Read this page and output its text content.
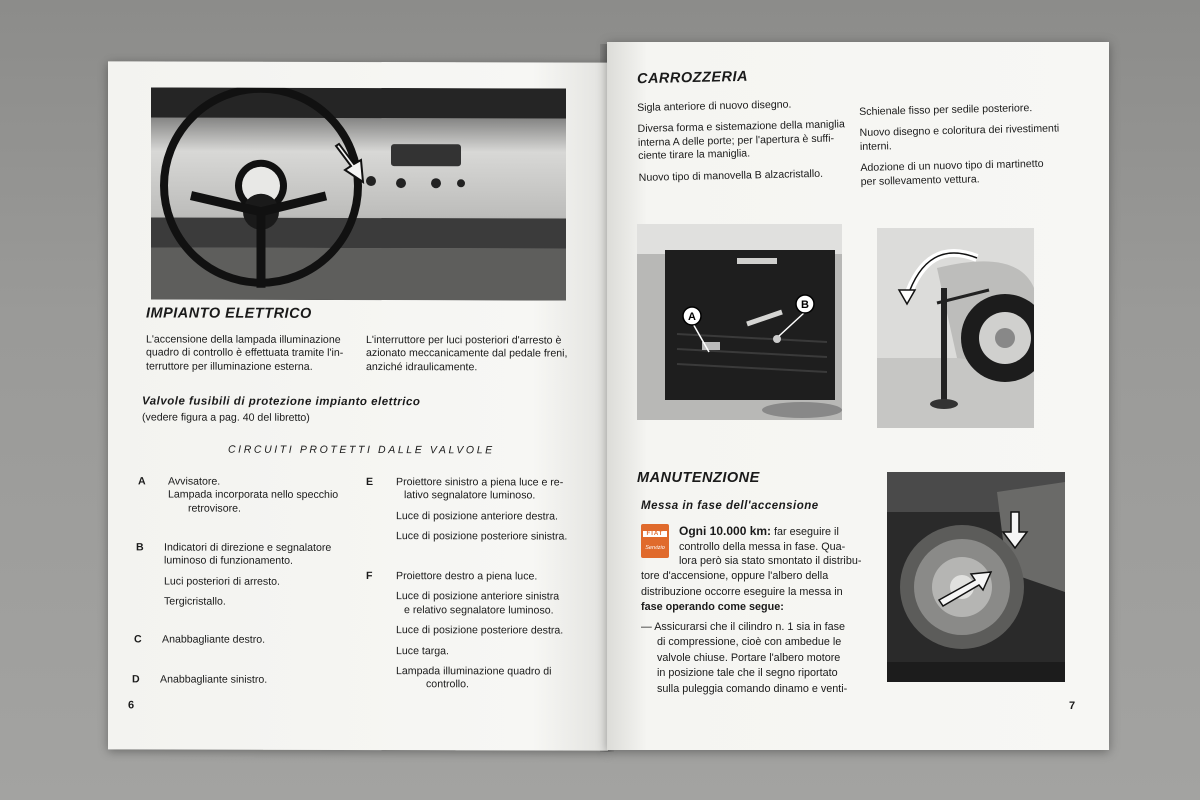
IMPIANTO ELETTRICO
L'accensione della lampada illuminazione
quadro di controllo è effettuata tramite l'in-
terruttore per illuminazione esterna.
L'interruttore per luci posteriori d'arresto è
azionato meccanicamente dal pedale freni,
anziché idraulicamente.
Valvole fusibili di protezione impianto elettrico
(vedere figura a pag. 40 del libretto)
CIRCUITI PROTETTI DALLE VALVOLE
A Avvisatore.
Lampada incorporata nello specchio
retrovisore.
B Indicatori di direzione e segnalatore
luminoso di funzionamento.
Luci posteriori di arresto.
Tergicristallo.
C Anabbagliante destro.
D Anabbagliante sinistro.
E Proiettore sinistro a piena luce e re-
lativo segnalatore luminoso.
Luce di posizione anteriore destra.
Luce di posizione posteriore sinistra.
F Proiettore destro a piena luce.
Luce di posizione anteriore sinistra
e relativo segnalatore luminoso.
Luce di posizione posteriore destra.
Luce targa.
Lampada illuminazione quadro di
controllo.
6
CARROZZERIA
Sigla anteriore di nuovo disegno.
Diversa forma e sistemazione della maniglia
interna A delle porte; per l'apertura è suffi-
ciente tirare la maniglia.
Nuovo tipo di manovella B alzacristallo.
Schienale fisso per sedile posteriore.
Nuovo disegno e coloritura dei rivestimenti
interni.
Adozione di un nuovo tipo di martinetto
per sollevamento vettura.
A
B
MANUTENZIONE
Messa in fase dell'accensione
FIAT
Servizio
Ogni 10.000 km: far eseguire il
controllo della messa in fase. Qua-
lora però sia stato smontato il distribu-
tore d'accensione, oppure l'albero della
distribuzione occorre eseguire la messa in
fase operando come segue:
— Assicurarsi che il cilindro n. 1 sia in fase
di compressione, cioè con ambedue le
valvole chiuse. Portare l'albero motore
in posizione tale che il segno riportato
sulla puleggia comando dinamo e venti-
7
